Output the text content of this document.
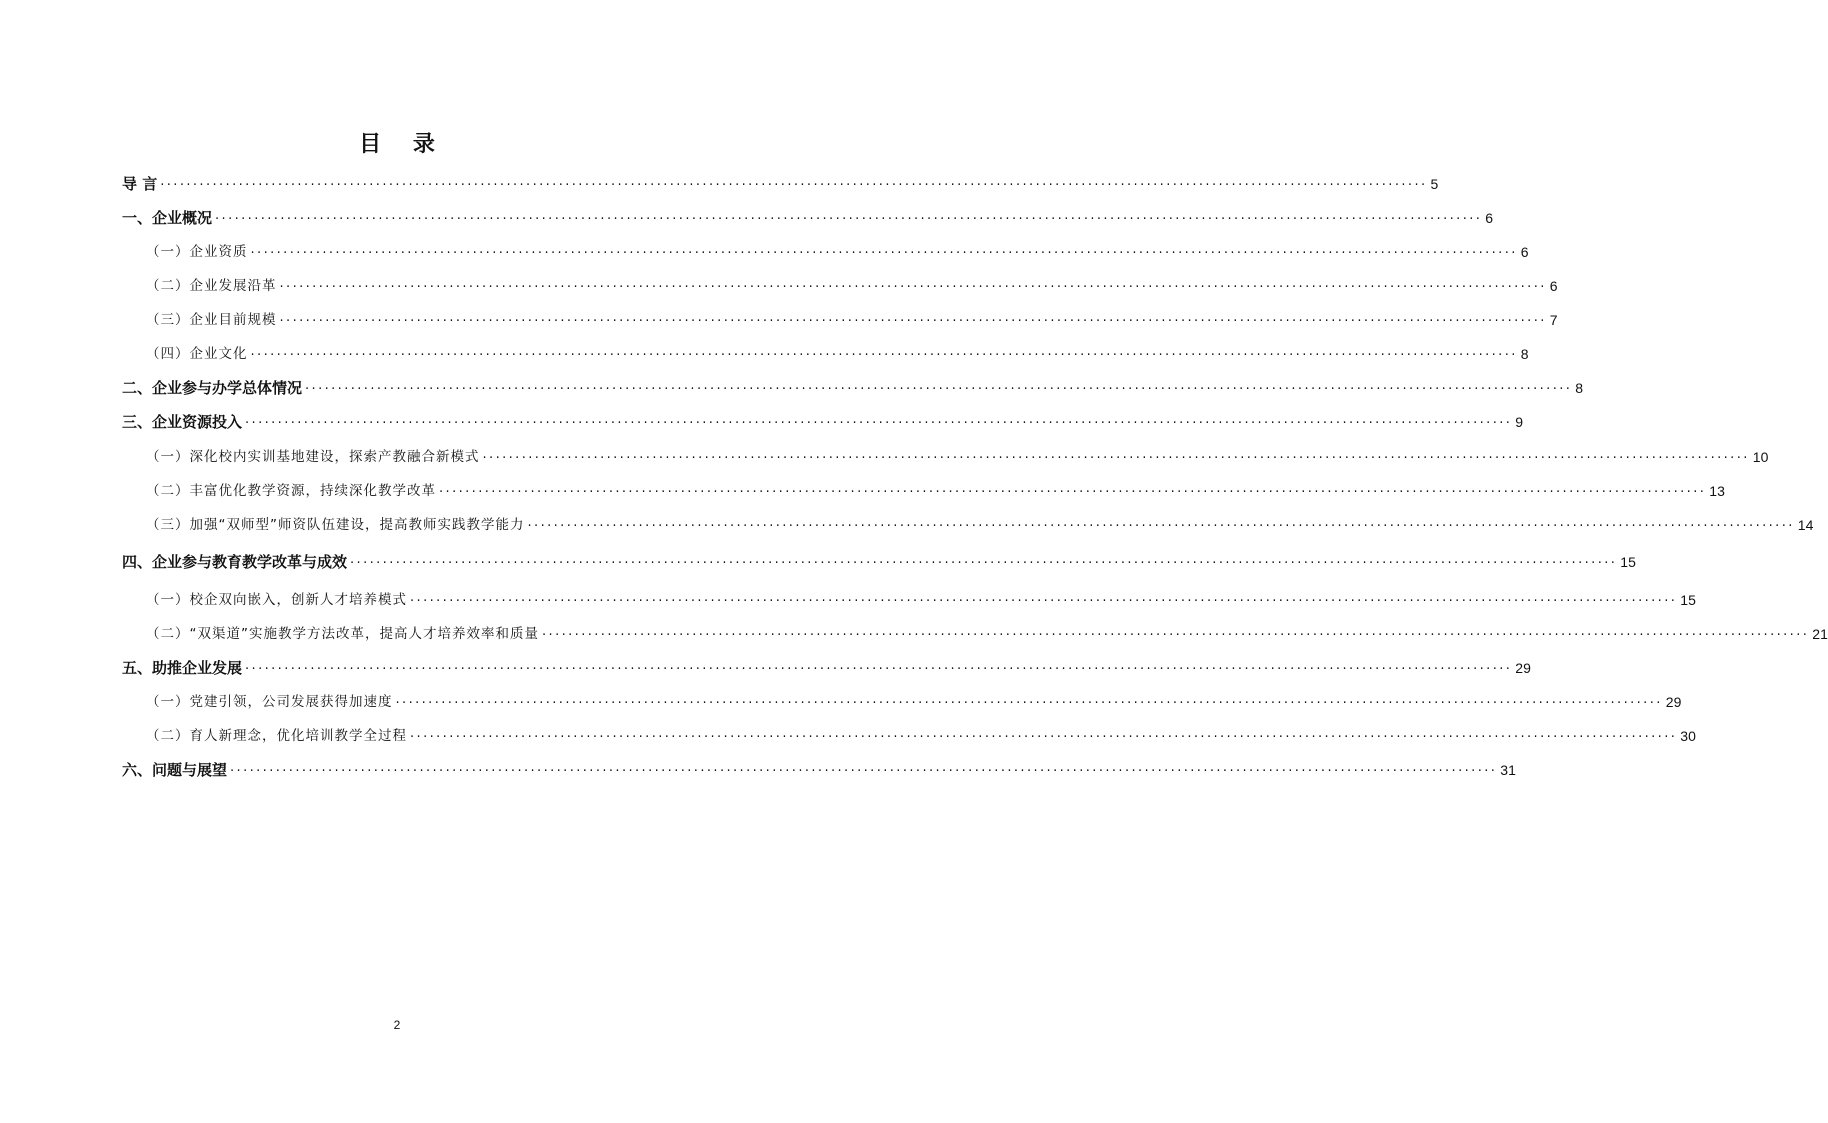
目 录
导 言 .................................................................................................................................................................................................. 5
一、企业概况 .................................................................................................................................................................................................. 6
（一）企业资质 .................................................................................................................................................................................................. 6
（二）企业发展沿革 .................................................................................................................................................................................................. 6
（三）企业目前规模 .................................................................................................................................................................................................. 7
（四）企业文化 .................................................................................................................................................................................................. 8
二、企业参与办学总体情况 .................................................................................................................................................................................................. 8
三、企业资源投入 .................................................................................................................................................................................................. 9
（一）深化校内实训基地建设，探索产教融合新模式 .................................................................................................................................................................................................. 10
（二）丰富优化教学资源，持续深化教学改革 .................................................................................................................................................................................................. 13
（三）加强“双师型”师资队伍建设，提高教师实践教学能力 .................................................................................................................................................................................................. 14
四、企业参与教育教学改革与成效 .................................................................................................................................................................................................. 15
（一）校企双向嵌入，创新人才培养模式 .................................................................................................................................................................................................. 15
（二）“双渠道”实施教学方法改革，提高人才培养效率和质量 .................................................................................................................................................................................................. 21
五、助推企业发展 .................................................................................................................................................................................................. 29
（一）党建引领，公司发展获得加速度 .................................................................................................................................................................................................. 29
（二）育人新理念，优化培训教学全过程 .................................................................................................................................................................................................. 30
六、问题与展望 .................................................................................................................................................................................................. 31
2
